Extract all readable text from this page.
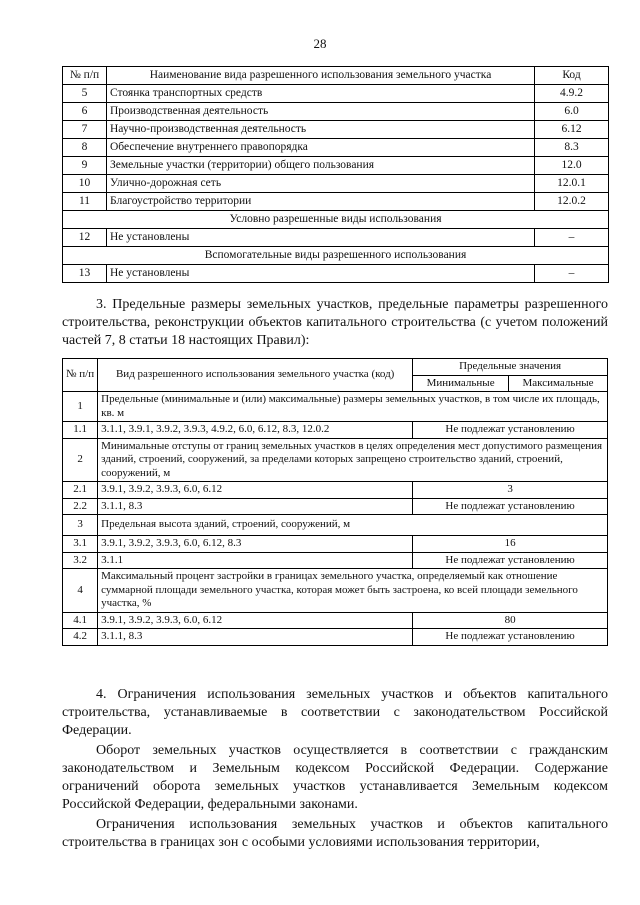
28
№ п/п	Наименование вида разрешенного использования земельного участка	Код
5	Стоянка транспортных средств	4.9.2
6	Производственная деятельность	6.0
7	Научно-производственная деятельность	6.12
8	Обеспечение внутреннего правопорядка	8.3
9	Земельные участки (территории) общего пользования	12.0
10	Улично-дорожная сеть	12.0.1
11	Благоустройство территории	12.0.2
Условно разрешенные виды использования		
12	Не установлены	–
Вспомогательные виды разрешенного использования		
13	Не установлены	–

3. Предельные размеры земельных участков, предельные параметры разрешенного строительства, реконструкции объектов капитального строительства (с учетом положений частей 7, 8 статьи 18 настоящих Правил):

№ п/п	Вид разрешенного использования земельного участка (код)	Предельные значения	
		Минимальные	Максимальные
1	Предельные (минимальные и (или) максимальные) размеры земельных участков, в том числе их площадь, кв. м		
1.1	3.1.1, 3.9.1, 3.9.2, 3.9.3, 4.9.2, 6.0, 6.12, 8.3, 12.0.2	Не подлежат установлению	
2	Минимальные отступы от границ земельных участков в целях определения мест допустимого размещения зданий, строений, сооружений, за пределами которых запрещено строительство зданий, строений, сооружений, м		
2.1	3.9.1, 3.9.2, 3.9.3, 6.0, 6.12	3	
2.2	3.1.1, 8.3	Не подлежат установлению	
3	Предельная высота зданий, строений, сооружений, м		
3.1	3.9.1, 3.9.2, 3.9.3, 6.0, 6.12, 8.3	16	
3.2	3.1.1	Не подлежат установлению	
4	Максимальный процент застройки в границах земельного участка, определяемый как отношение суммарной площади земельного участка, которая может быть застроена, ко всей площади земельного участка, %		
4.1	3.9.1, 3.9.2, 3.9.3, 6.0, 6.12	80	
4.2	3.1.1, 8.3	Не подлежат установлению	

4. Ограничения использования земельных участков и объектов капитального строительства, устанавливаемые в соответствии с законодательством Российской Федерации.

Оборот земельных участков осуществляется в соответствии с гражданским законодательством и Земельным кодексом Российской Федерации. Содержание ограничений оборота земельных участков устанавливается Земельным кодексом Российской Федерации, федеральными законами.

Ограничения использования земельных участков и объектов капитального строительства в границах зон с особыми условиями использования территории,
